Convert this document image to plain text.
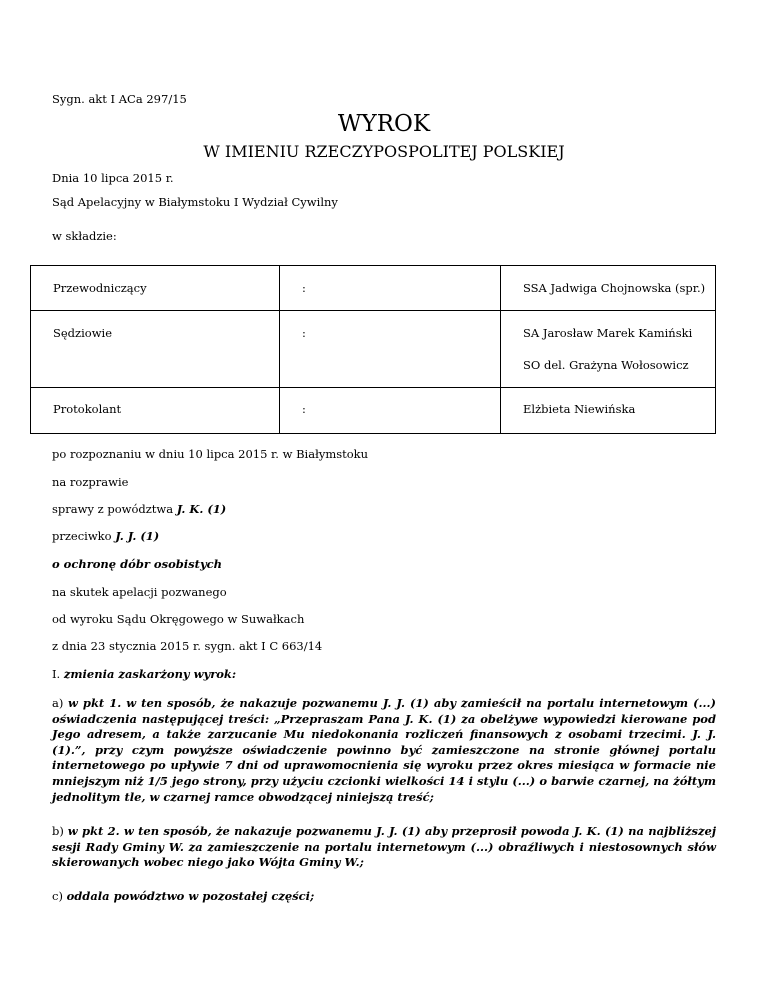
Sygn. akt I ACa 297/15
WYROK
W IMIENIU RZECZYPOSPOLITEJ POLSKIEJ
Dnia 10 lipca 2015 r.
Sąd Apelacyjny w Białymstoku I Wydział Cywilny
w składzie:
Przewodniczący	:	SSA Jadwiga Chojnowska (spr.)

Sędziowie	:	SA Jarosław Marek Kamiński
SO del. Grażyna Wołosowicz

Protokolant	:	Elżbieta Niewińska
po rozpoznaniu w dniu 10 lipca 2015 r. w Białymstoku
na rozprawie
sprawy z powództwa J. K. (1)
przeciwko J. J. (1)
o ochronę dóbr osobistych
na skutek apelacji pozwanego
od wyroku Sądu Okręgowego w Suwałkach
z dnia 23 stycznia 2015 r. sygn. akt I C 663/14
I. zmienia zaskarżony wyrok:
a) w pkt 1. w ten sposób, że nakazuje pozwanemu J. J. (1) aby zamieścił na portalu internetowym (...) oświadczenia następującej treści: „Przepraszam Pana J. K. (1) za obelżywe wypowiedzi kierowane pod Jego adresem, a także zarzucanie Mu niedokonania rozliczeń finansowych z osobami trzecimi. J. J. (1).”, przy czym powyższe oświadczenie powinno być zamieszczone na stronie głównej portalu internetowego po upływie 7 dni od uprawomocnienia się wyroku przez okres miesiąca w formacie nie mniejszym niż 1/5 jego strony, przy użyciu czcionki wielkości 14 i stylu (...) o barwie czarnej, na żółtym jednolitym tle, w czarnej ramce obwodzącej niniejszą treść;
b) w pkt 2. w ten sposób, że nakazuje pozwanemu J. J. (1) aby przeprosił powoda J. K. (1) na najbliższej sesji Rady Gminy W. za zamieszczenie na portalu internetowym (...) obraźliwych i niestosownych słów skierowanych wobec niego jako Wójta Gminy W.;
c) oddala powództwo w pozostałej części;
